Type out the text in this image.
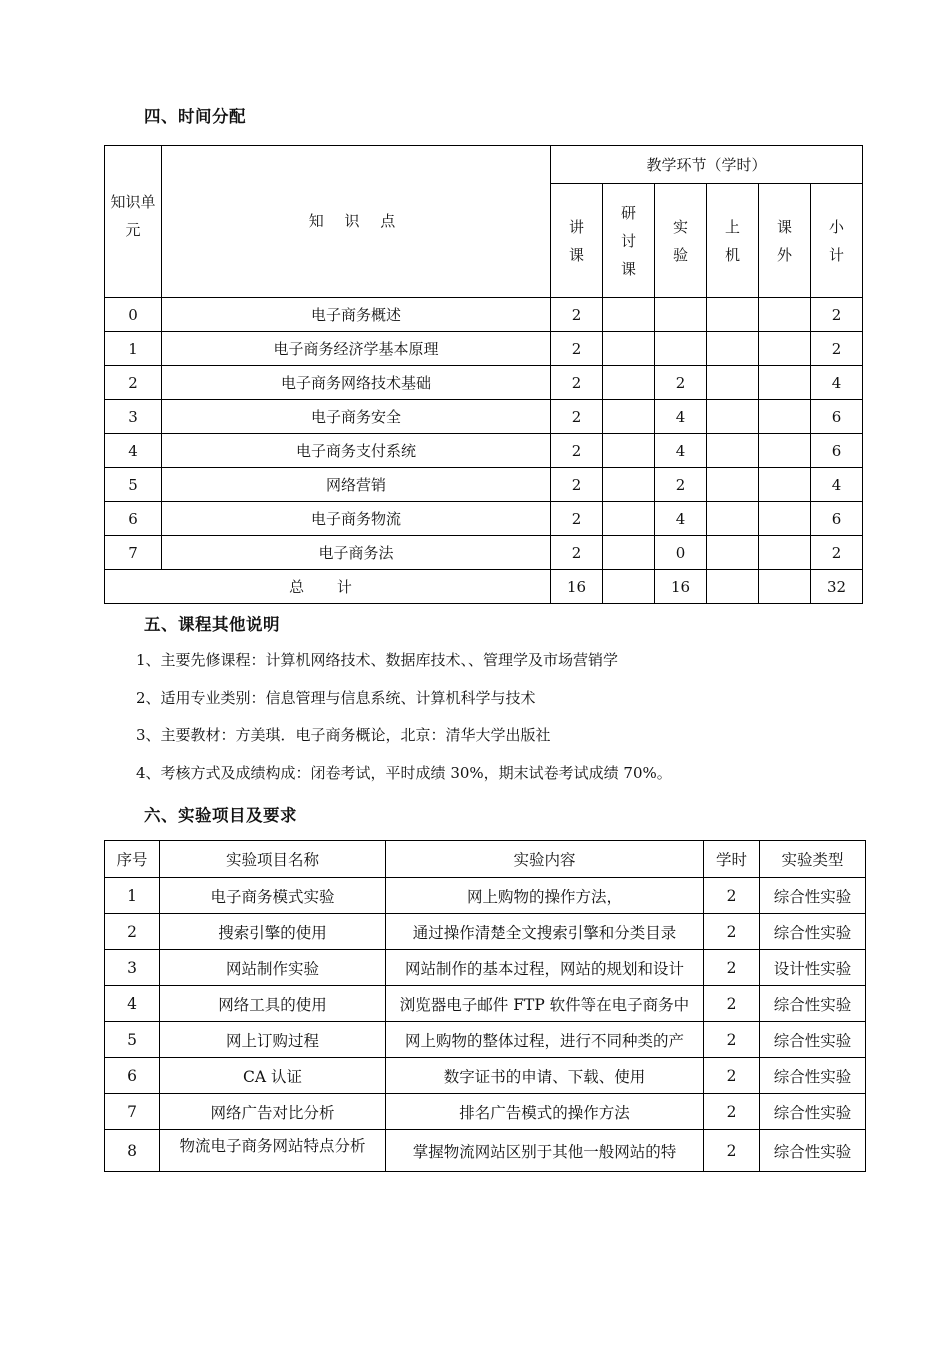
四、时间分配
知识单元	知 识 点	教学环节（学时）					
		讲课	研讨课	实验	上机	课外	小计
0	电子商务概述	2					2
1	电子商务经济学基本原理	2					2
2	电子商务网络技术基础	2		2			4
3	电子商务安全	2		4			6
4	电子商务支付系统	2		4			6
5	网络营销	2		2			4
6	电子商务物流	2		4			6
7	电子商务法	2		0			2
总 计		16		16			32
五、课程其他说明
1、主要先修课程：计算机网络技术、数据库技术、、管理学及市场营销学
2、适用专业类别：信息管理与信息系统、计算机科学与技术
3、主要教材：方美琪．电子商务概论，北京：清华大学出版社
4、考核方式及成绩构成：闭卷考试，平时成绩 30%，期末试卷考试成绩 70%。
六、实验项目及要求
序号	实验项目名称	实验内容	学时	实验类型
1	电子商务模式实验	网上购物的操作方法，	2	综合性实验
2	搜索引擎的使用	通过操作清楚全文搜索引擎和分类目录	2	综合性实验
3	网站制作实验	网站制作的基本过程，网站的规划和设计	2	设计性实验
4	网络工具的使用	浏览器电子邮件 FTP 软件等在电子商务中	2	综合性实验
5	网上订购过程	网上购物的整体过程，进行不同种类的产	2	综合性实验
6	CA 认证	数字证书的申请、下载、使用	2	综合性实验
7	网络广告对比分析	排名广告模式的操作方法	2	综合性实验
8	物流电子商务网站特点分析	掌握物流网站区别于其他一般网站的特	2	综合性实验
